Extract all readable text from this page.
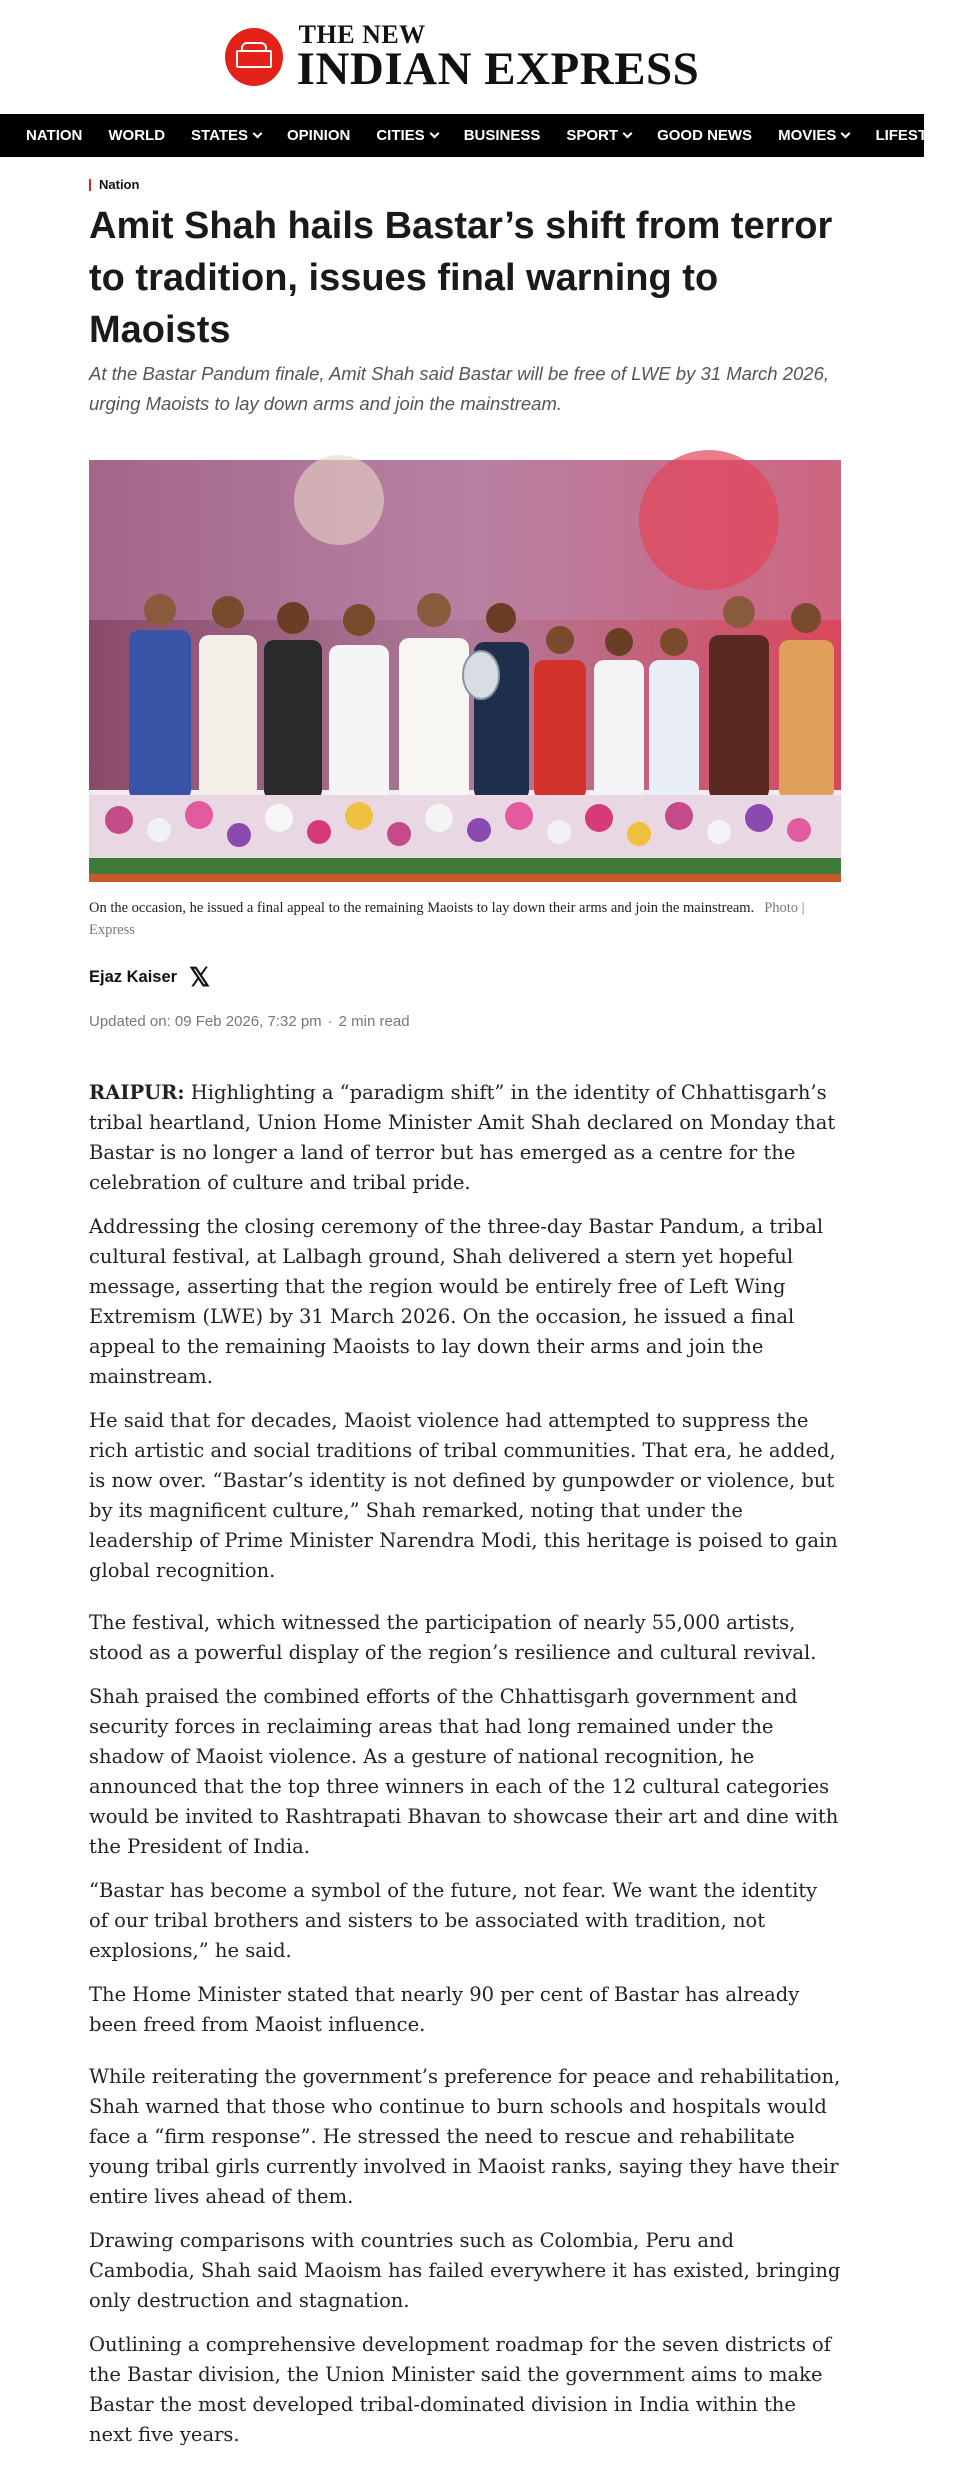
THE NEW
INDIAN EXPRESS
NATION WORLD STATES	OPINION CITIES	BUSINESS SPORT	GOOD NEWS MOVIES	LIFESTYLE
Nation
Amit Shah hails Bastar’s shift from terror to tradition, issues final warning to Maoists

At the Bastar Pandum finale, Amit Shah said Bastar will be free of LWE by 31 March 2026, urging Maoists to lay down arms and join the mainstream.

On the occasion, he issued a final appeal to the remaining Maoists to lay down their arms and join the mainstream. Photo | Express

Ejaz Kaiser 𝕏
Updated on: 09 Feb 2026, 7:32 pm · 2 min read

RAIPUR: Highlighting a “paradigm shift” in the identity of Chhattisgarh’s tribal heartland, Union Home Minister Amit Shah declared on Monday that Bastar is no longer a land of terror but has emerged as a centre for the celebration of culture and tribal pride.

Addressing the closing ceremony of the three-day Bastar Pandum, a tribal cultural festival, at Lalbagh ground, Shah delivered a stern yet hopeful message, asserting that the region would be entirely free of Left Wing Extremism (LWE) by 31 March 2026. On the occasion, he issued a final appeal to the remaining Maoists to lay down their arms and join the mainstream.

He said that for decades, Maoist violence had attempted to suppress the rich artistic and social traditions of tribal communities. That era, he added, is now over. “Bastar’s identity is not defined by gunpowder or violence, but by its magnificent culture,” Shah remarked, noting that under the leadership of Prime Minister Narendra Modi, this heritage is poised to gain global recognition.

The festival, which witnessed the participation of nearly 55,000 artists, stood as a powerful display of the region’s resilience and cultural revival.

Shah praised the combined efforts of the Chhattisgarh government and security forces in reclaiming areas that had long remained under the shadow of Maoist violence. As a gesture of national recognition, he announced that the top three winners in each of the 12 cultural categories would be invited to Rashtrapati Bhavan to showcase their art and dine with the President of India.

“Bastar has become a symbol of the future, not fear. We want the identity of our tribal brothers and sisters to be associated with tradition, not explosions,” he said.

The Home Minister stated that nearly 90 per cent of Bastar has already been freed from Maoist influence.

While reiterating the government’s preference for peace and rehabilitation, Shah warned that those who continue to burn schools and hospitals would face a “firm response”. He stressed the need to rescue and rehabilitate young tribal girls currently involved in Maoist ranks, saying they have their entire lives ahead of them.

Drawing comparisons with countries such as Colombia, Peru and Cambodia, Shah said Maoism has failed everywhere it has existed, bringing only destruction and stagnation.

Outlining a comprehensive development roadmap for the seven districts of the Bastar division, the Union Minister said the government aims to make Bastar the most developed tribal-dominated division in India within the next five years.
